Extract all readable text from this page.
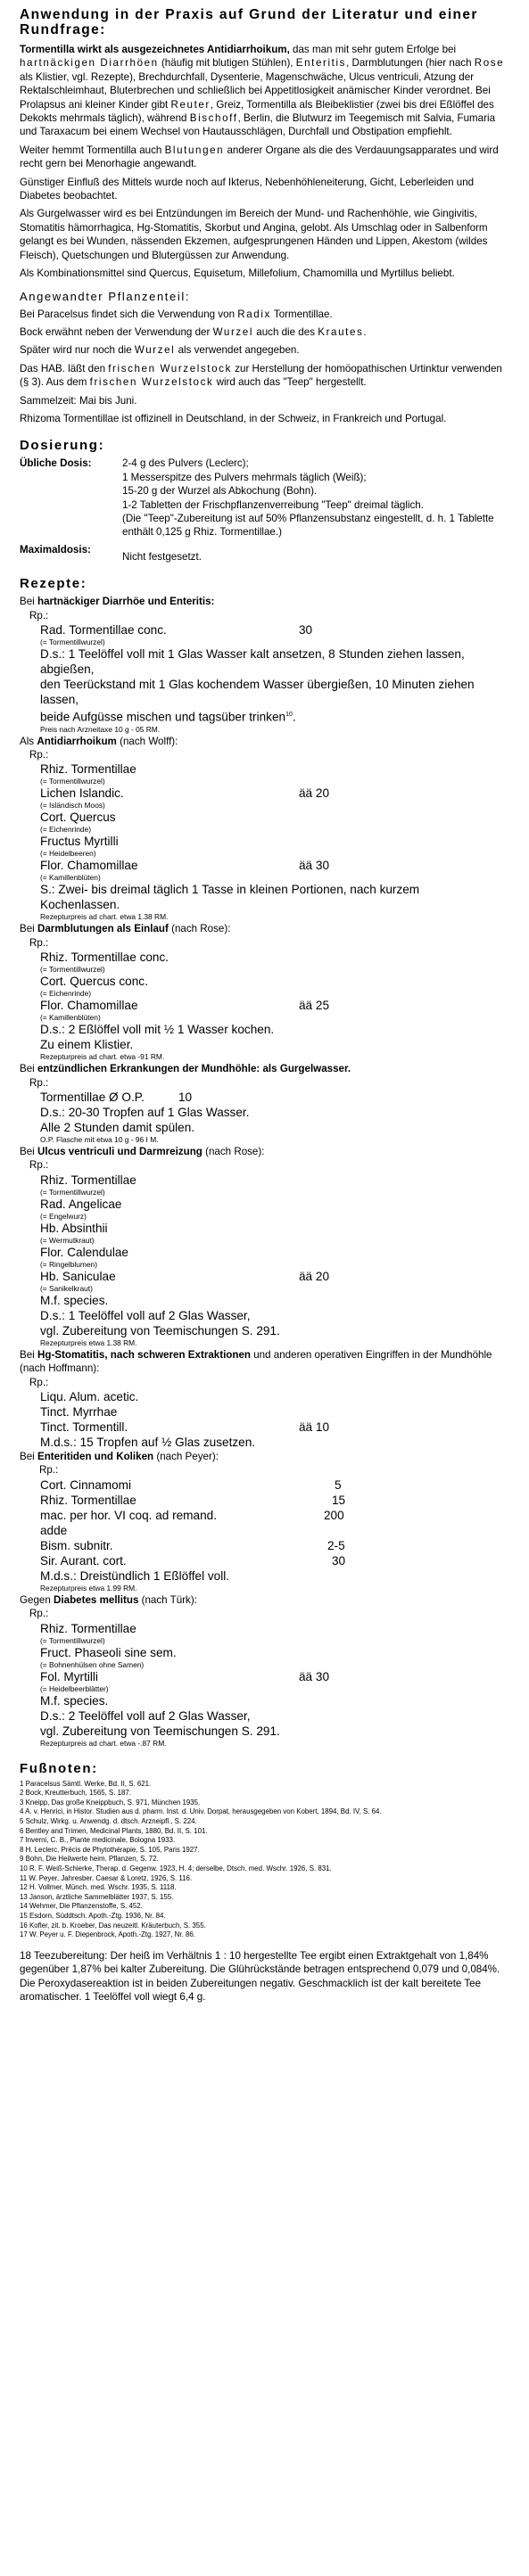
Anwendung in der Praxis auf Grund der Literatur und einer Rundfrage:

Tormentilla wirkt als ausgezeichnetes Antidiarrhoikum, das man mit sehr gutem Erfolge bei hartnäckigen Diarrhöen (häufig mit blutigen Stühlen), Enteritis, Darmblutungen (hier nach Rose als Klistier, vgl. Rezepte), Brechdurchfall, Dysenterie, Magenschwäche, Ulcus ventriculi, Atzung der Rektalschleimhaut, Bluterbrechen und schließlich bei Appetitlosigkeit anämischer Kinder verordnet. Bei Prolapsus ani kleiner Kinder gibt Reuter, Greiz, Tormentilla als Bleibeklistier (zwei bis drei Eßlöffel des Dekokts mehrmals täglich), während Bischoff, Berlin, die Blutwurz im Teegemisch mit Salvia, Fumaria und Taraxacum bei einem Wechsel von Hautausschlägen, Durchfall und Obstipation empfiehlt.

Weiter hemmt Tormentilla auch Blutungen anderer Organe als die des Verdauungsapparates und wird recht gern bei Menorhagie angewandt.

Günstiger Einfluß des Mittels wurde noch auf Ikterus, Nebenhöhleneiterung, Gicht, Leberleiden und Diabetes beobachtet.

Als Gurgelwasser wird es bei Entzündungen im Bereich der Mund- und Rachenhöhle, wie Gingivitis, Stomatitis hämorrhagica, Hg-Stomatitis, Skorbut und Angina, gelobt. Als Umschlag oder in Salbenform gelangt es bei Wunden, nässenden Ekzemen, aufgesprungenen Händen und Lippen, Akestom (wildes Fleisch), Quetschungen und Blutergüssen zur Anwendung.

Als Kombinationsmittel sind Quercus, Equisetum, Millefolium, Chamomilla und Myrtillus beliebt.

Angewandter Pflanzenteil:

Bei Paracelsus findet sich die Verwendung von Radix Tormentillae.

Bock erwähnt neben der Verwendung der Wurzel auch die des Krautes.

Später wird nur noch die Wurzel als verwendet angegeben.

Das HAB. läßt den frischen Wurzelstock zur Herstellung der homöopathischen Urtinktur verwenden (§ 3). Aus dem frischen Wurzelstock wird auch das "Teep" hergestellt.

Sammelzeit: Mai bis Juni.

Rhizoma Tormentillae ist offizinell in Deutschland, in der Schweiz, in Frankreich und Portugal.

Dosierung:
Übliche Dosis:	2-4 g des Pulvers (Leclerc);
1 Messerspitze des Pulvers mehrmals täglich (Weiß);
15-20 g der Wurzel als Abkochung (Bohn).
1-2 Tabletten der Frischpflanzenverreibung "Teep" dreimal täglich.
(Die "Teep"-Zubereitung ist auf 50% Pflanzensubstanz eingestellt, d. h. 1 Tablette enthält 0,125 g Rhiz. Tormentillae.)
Maximaldosis:
Nicht festgesetzt.
Rezepte:
Bei hartnäckiger Diarrhöe und Enteritis:
Rp.:
Rad. Tormentillae conc.	30
(= Tormentillwurzel)
D.s.: 1 Teelöffel voll mit 1 Glas Wasser kalt ansetzen, 8 Stunden ziehen lassen, abgießen,
den Teerückstand mit 1 Glas kochendem Wasser übergießen, 10 Minuten ziehen lassen,
beide Aufgüsse mischen und tagsüber trinken$^{10}$.
Preis nach Arzneitaxe 10 g - 05 RM.
Als Antidiarrhoikum (nach Wolff):
Rp.:
Rhiz. Tormentillae
(= Tormentillwurzel)
Lichen Islandic.	ää 20
(= Isländisch Moos)
Cort. Quercus
(= Eichenrinde)
Fructus Myrtilli
(= Heidelbeeren)
Flor. Chamomillae	ää 30
(= Kamillenblüten)
S.: Zwei- bis dreimal täglich 1 Tasse in kleinen Portionen, nach kurzem
Kochenlassen.
Rezepturpreis ad chart. etwa 1.38 RM.
Bei Darmblutungen als Einlauf (nach Rose):
Rp.:
Rhiz. Tormentillae conc.
(= Tormentillwurzel)
Cort. Quercus conc.
(= Eichenrinde)
Flor. Chamomillae	ää 25
(= Kamillenblüten)
D.s.: 2 Eßlöffel voll mit ½ 1 Wasser kochen.
Zu einem Klistier.
Rezepturpreis ad chart. etwa -91 RM.
Bei entzündlichen Erkrankungen der Mundhöhle: als Gurgelwasser.
Rp.:
Tormentillae Ø O.P.	10
D.s.: 20-30 Tropfen auf 1 Glas Wasser.
Alle 2 Stunden damit spülen.
O.P. Flasche mit etwa 10 g - 96 I M.
Bei Ulcus ventriculi und Darmreizung (nach Rose):
Rp.:
Rhiz. Tormentillae
(= Tormentillwurzel)
Rad. Angelicae
(= Engelwurz)
Hb. Absinthii
(= Wermutkraut)
Flor. Calendulae
(= Ringelblumen)
Hb. Saniculae	ää 20
(= Sanikelkraut)
M.f. species.
D.s.: 1 Teelöffel voll auf 2 Glas Wasser,
vgl. Zubereitung von Teemischungen S. 291.
Rezepturpreis etwa 1.38 RM.
Bei Hg-Stomatitis, nach schweren Extraktionen und anderen operativen Eingriffen in der Mundhöhle (nach Hoffmann):
Rp.:
Liqu. Alum. acetic.
Tinct. Myrrhae
Tinct. Tormentill.	ää 10
M.d.s.: 15 Tropfen auf ½ Glas zusetzen.
Bei Enteritiden und Koliken (nach Peyer):
Rp.:
Cort. Cinnamomi	5
Rhiz. Tormentillae	15
mac. per hor. VI coq. ad remand.	200
adde
Bism. subnitr.	2-5
Sir. Aurant. cort.	30
M.d.s.: Dreistündlich 1 Eßlöffel voll.
Rezepturpreis etwa 1.99 RM.
Gegen Diabetes mellitus (nach Türk):
Rp.:
Rhiz. Tormentillae
(= Tormentillwurzel)
Fruct. Phaseoli sine sem.
(= Bohnenhülsen ohne Samen)
Fol. Myrtilli	ää 30
(= Heidelbeerblätter)
M.f. species.
D.s.: 2 Teelöffel voll auf 2 Glas Wasser,
vgl. Zubereitung von Teemischungen S. 291.
Rezepturpreis ad chart. etwa -.87 RM.
Fußnoten:
1 Paracelsus Sämtl. Werke, Bd. II, S. 621.
2 Bock, Kreutterbuch, 1565, S. 187.
3 Kneipp, Das große Kneippbuch, S. 971, München 1935.
4 A. v. Henrici, in Histor. Studien aus d. pharm. Inst. d. Univ. Dorpat, herausgegeben von Kobert, 1894, Bd. IV, S. 64.
5 Schulz, Wirkg. u. Anwendg. d. dtsch. Arzneipfl., S. 224.
6 Bentley and Trimen, Medicinal Plants, 1880, Bd. II, S. 101.
7 Inverni, C. B., Piante medicinale, Bologna 1933.
8 H. Leclerc, Précis de Phytothérapie, S. 105, Paris 1927.
9 Bohn, Die Heilwerte heim. Pflanzen, S. 72.
10 R. F. Weiß-Schierke, Therap. d. Gegenw. 1923, H. 4; derselbe, Dtsch. med. Wschr. 1926, S. 831.
11 W. Peyer, Jahresber. Caesar & Loretz, 1926, S. 116.
12 H. Vollmer, Münch. med. Wschr. 1935, S. 1118.
13 Janson, ärztliche Sammelblätter 1937, S. 155.
14 Wehmer, Die Pflanzenstoffe, S. 452.
15 Esdorn, Süddtsch. Apoth.-Ztg. 1936, Nr. 84.
16 Kofler, zit. b. Kroeber, Das neuzeitl. Kräuterbuch, S. 355.
17 W. Peyer u. F. Diepenbrock, Apoth.-Ztg. 1927, Nr. 86.

18 Teezubereitung: Der heiß im Verhältnis 1 : 10 hergestellte Tee ergibt einen Extraktgehalt von 1,84% gegenüber 1,87% bei kalter Zubereitung. Die Glührückstände betragen entsprechend 0,079 und 0,084%. Die Peroxydasereaktion ist in beiden Zubereitungen negativ. Geschmacklich ist der kalt bereitete Tee aromatischer. 1 Teelöffel voll wiegt 6,4 g.
